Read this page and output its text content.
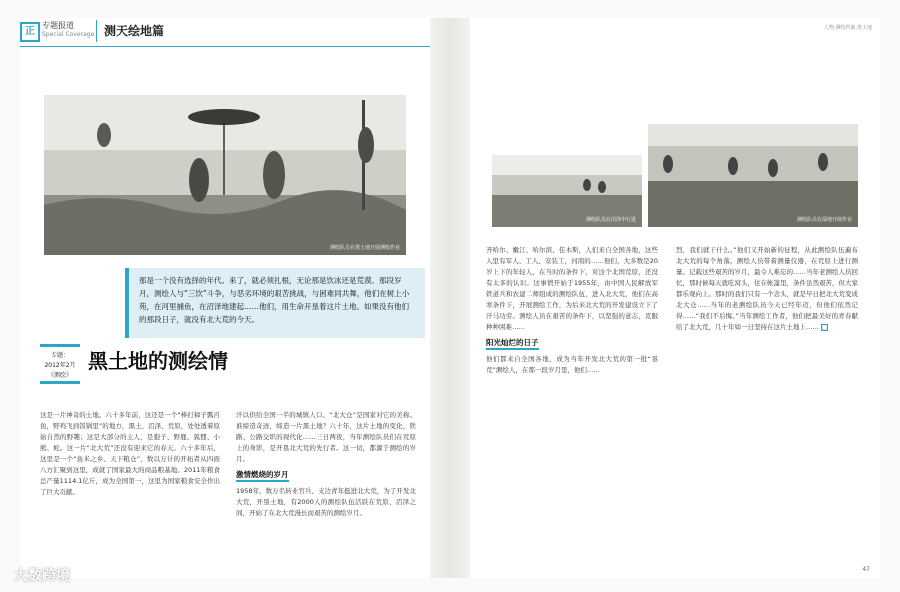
正
专题报道
Special Coverage 测天绘地篇	人物·测绘档案·黑土地
测绘队员在黑土地开展测绘作业
测绘队员在沼泽中行进	测绘队员在湿地开展作业
那是一个没有选择的年代。来了，就必须扎根，无论那是饮冰还是荒漠。那段岁月，测绘人与“三饮”斗争，与恶劣环境的艰苦挑战，与困难同共舞，他们在树上小苑，在河里捕鱼，在沼泽地建起……他们，用生命开垦着这片土地。如果没有他们的那段日子，就没有北大荒的今天。
专题：
2012年2月
《测绘》
黑土地的测绘情
这是一片神奇的土地。六十多年前，这还是一个“棒打獐子瓢舀鱼，野鸡飞到饭锅里”的地方，黑土、沼泽、荒原，处处透着原始自然的野趣；这是大部分的主人，是狍子、野鹿、狐狸、小熊、蛇。这一片“北大荒”还没有迎来它的春天。六十多年后，这里是一个“鱼米之乡、天下粮仓”，数以万计的开拓者从四面八方汇聚到这里，成就了国家最大的商品粮基地。2011年粮食总产量1114.1亿斤，成为全国第一，这里为国家粮食安全作出了巨大贡献。
汗以供给全国一半的城镇人口。“北大仓”是国家对它的美称。谁缔造奇迹，缔造一片黑土地？六十年，这片土地的变化，铁路、公路交织的现代化……三日两夜，当年测绘队员们在荒原上的身影，是开垦北大荒的先行者。这一切，都源于测绘的岁月。
激情燃烧的岁月
1958年，数万名转业官兵、支边青年挺进北大荒，为了开发北大荒，开垦土地，有2000人的测绘队伍活跃在荒原、沼泽之间，开始了在北大荒漫长而艰苦的测绘岁月。
齐哈尔、嫩江、哈尔滨、佳木斯，人们来自全国各地，这些人里有军人、工人、安装工，河南的……他们，大多数是20岁上下的年轻人，在当时的条件下，对这个北国荒原，还没有太多的认识。这事情开始于1955年，由中国人民解放军铁道兵和农建二师组成的测绘队伍，进入北大荒，他们在高寒条件下，开展测绘工作，为后来北大荒的开发建设立下了汗马功劳。测绘人员在艰苦的条件下，以坚强的意志，克服种种困难……
阳光灿烂的日子
他们都来自全国各地，成为当年开发北大荒的第一批“垦荒”测绘人，在那一段岁月里，他们……
烈，我们就干什么。”他们又开始新的征程，从此测绘队伍遍布北大荒的每个角落。测绘人员带着测量仪器，在荒原上进行测量。记载这些艰苦的岁月，最令人难忘的……当年老测绘人员回忆，那时候每天就吃窝头，住在帐篷里，条件虽然艰苦，但大家都乐观向上。那时的我们只有一个念头，就是早日把北大荒变成北大仓……当年的老测绘队员今天已经年迈，但他们依然记得……“我们不后悔。”当年测绘工作者，他们把最美好的青春献给了北大荒，几十年如一日坚持在这片土地上…… ■
47
大数跨境
